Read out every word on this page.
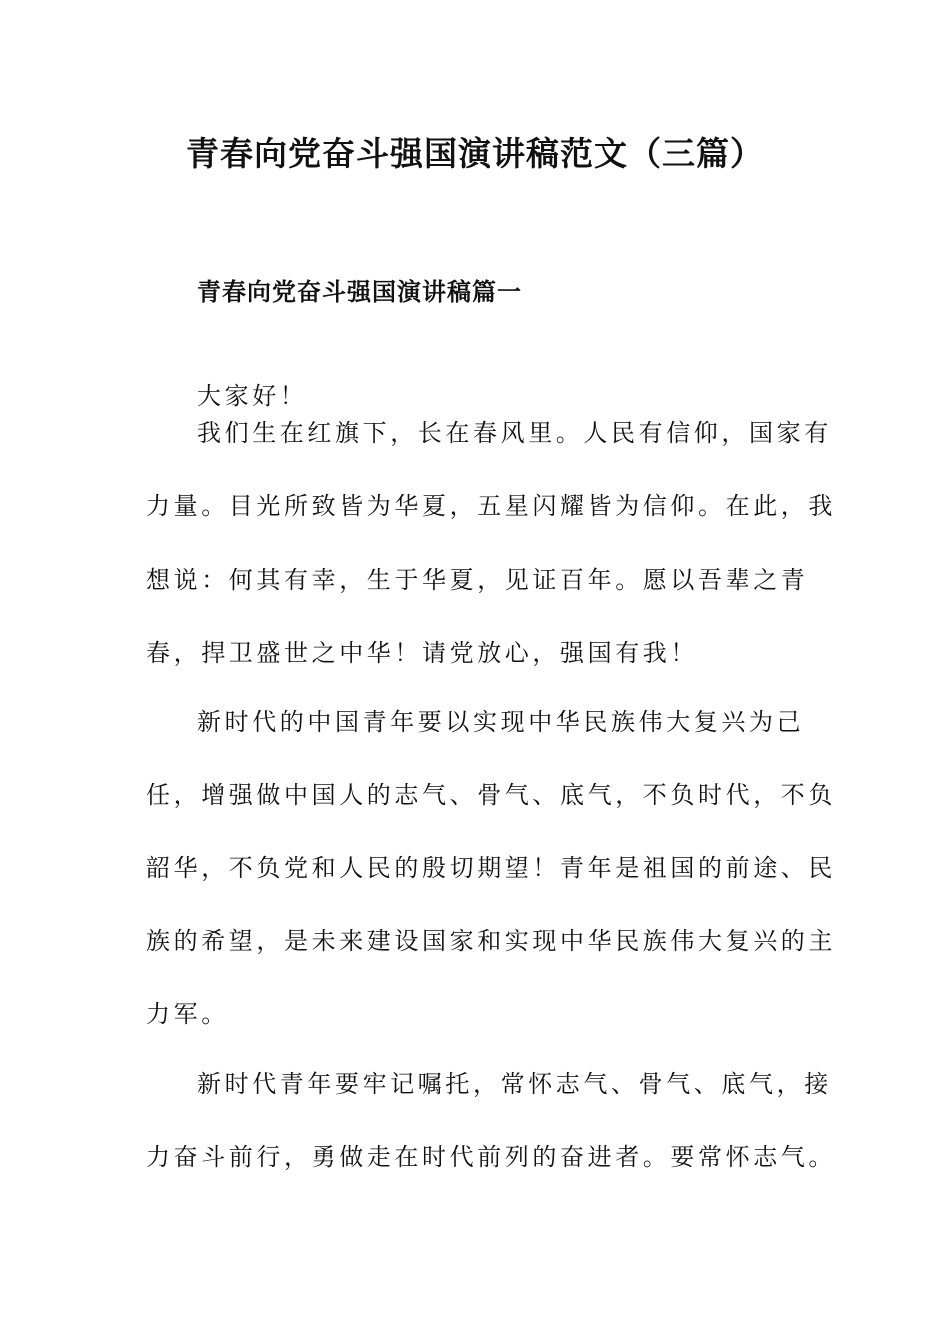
青春向党奋斗强国演讲稿范文（三篇）
青春向党奋斗强国演讲稿篇一
大家好！
我们生在红旗下，长在春风里。人民有信仰，国家有
力量。目光所致皆为华夏，五星闪耀皆为信仰。在此，我
想说：何其有幸，生于华夏，见证百年。愿以吾辈之青
春，捍卫盛世之中华！请党放心，强国有我！
新时代的中国青年要以实现中华民族伟大复兴为己
任，增强做中国人的志气、骨气、底气，不负时代，不负
韶华，不负党和人民的殷切期望！青年是祖国的前途、民
族的希望，是未来建设国家和实现中华民族伟大复兴的主
力军。
新时代青年要牢记嘱托，常怀志气、骨气、底气，接
力奋斗前行，勇做走在时代前列的奋进者。要常怀志气。
